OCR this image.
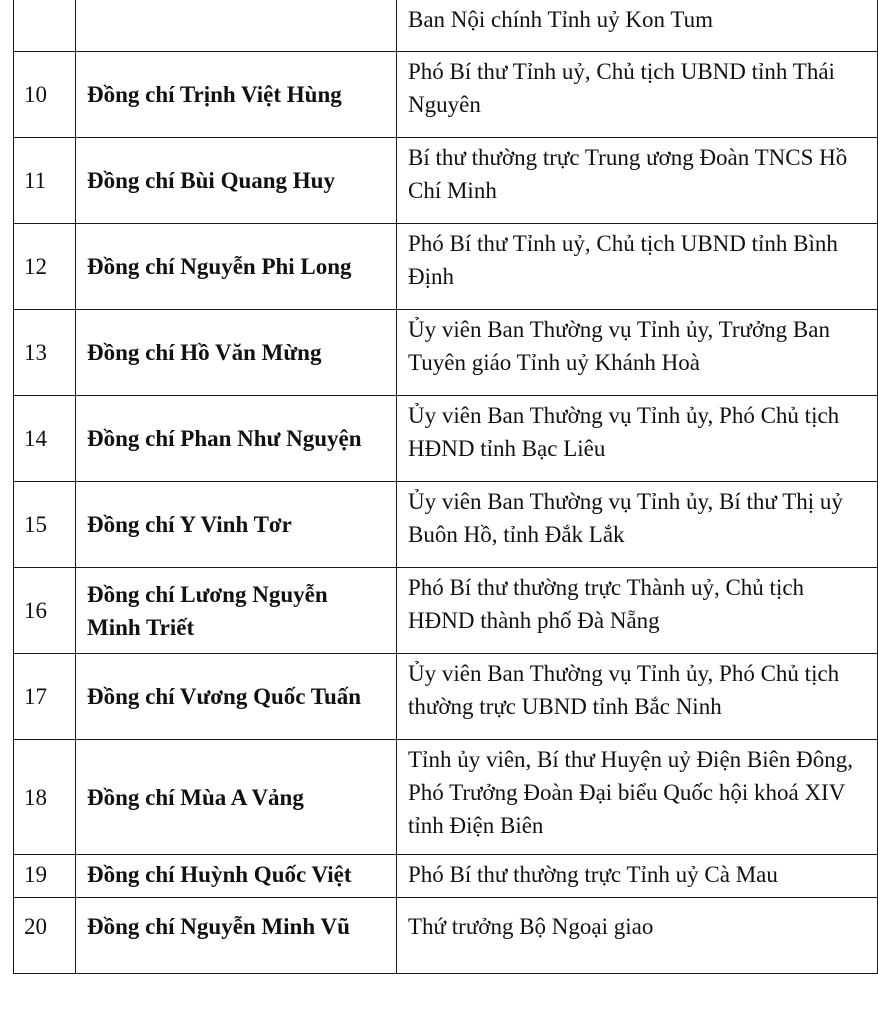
		Ban Nội chính Tỉnh uỷ Kon Tum
10	Đồng chí Trịnh Việt Hùng	Phó Bí thư Tỉnh uỷ, Chủ tịch UBND tỉnh Thái Nguyên
11	Đồng chí Bùi Quang Huy	Bí thư thường trực Trung ương Đoàn TNCS Hồ Chí Minh
12	Đồng chí Nguyễn Phi Long	Phó Bí thư Tỉnh uỷ, Chủ tịch UBND tỉnh Bình Định
13	Đồng chí Hồ Văn Mừng	Ủy viên Ban Thường vụ Tỉnh ủy, Trưởng Ban Tuyên giáo Tỉnh uỷ Khánh Hoà
14	Đồng chí Phan Như Nguyện	Ủy viên Ban Thường vụ Tỉnh ủy, Phó Chủ tịch HĐND tỉnh Bạc Liêu
15	Đồng chí Y Vinh Tơr	Ủy viên Ban Thường vụ Tỉnh ủy, Bí thư Thị uỷ Buôn Hồ, tỉnh Đắk Lắk
16	Đồng chí Lương Nguyễn Minh Triết	Phó Bí thư thường trực Thành uỷ, Chủ tịch HĐND thành phố Đà Nẵng
17	Đồng chí Vương Quốc Tuấn	Ủy viên Ban Thường vụ Tỉnh ủy, Phó Chủ tịch thường trực UBND tỉnh Bắc Ninh
18	Đồng chí Mùa A Vảng	Tỉnh ủy viên, Bí thư Huyện uỷ Điện Biên Đông, Phó Trưởng Đoàn Đại biểu Quốc hội khoá XIV tỉnh Điện Biên
19	Đồng chí Huỳnh Quốc Việt	Phó Bí thư thường trực Tỉnh uỷ Cà Mau
20	Đồng chí Nguyễn Minh Vũ	Thứ trưởng Bộ Ngoại giao
